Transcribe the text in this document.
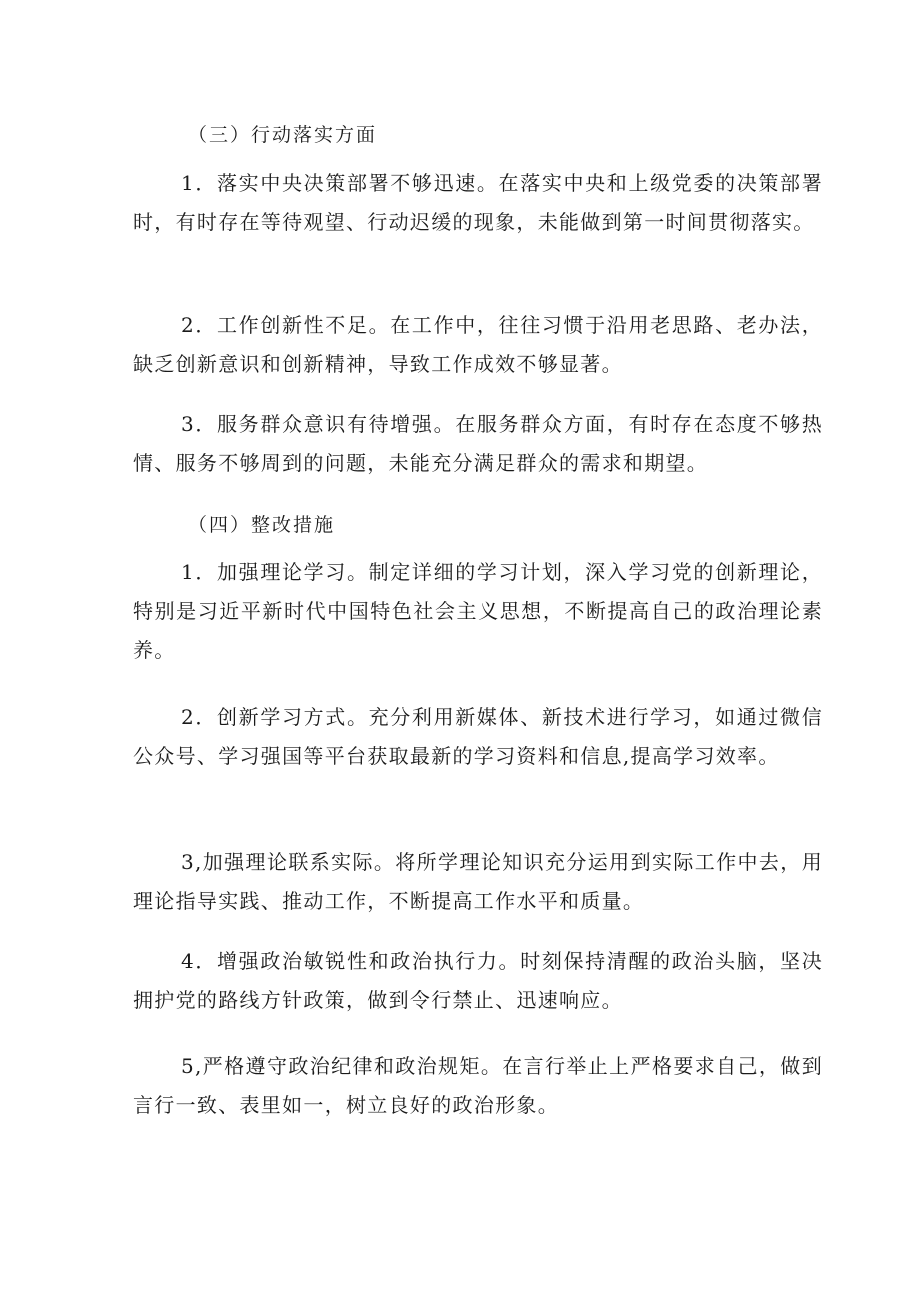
（三）行动落实方面

1．落实中央决策部署不够迅速。在落实中央和上级党委的决策部署时，有时存在等待观望、行动迟缓的现象，未能做到第一时间贯彻落实。

2．工作创新性不足。在工作中，往往习惯于沿用老思路、老办法，缺乏创新意识和创新精神，导致工作成效不够显著。

3．服务群众意识有待增强。在服务群众方面，有时存在态度不够热情、服务不够周到的问题，未能充分满足群众的需求和期望。

（四）整改措施

1．加强理论学习。制定详细的学习计划，深入学习党的创新理论，特别是习近平新时代中国特色社会主义思想，不断提高自己的政治理论素养。

2．创新学习方式。充分利用新媒体、新技术进行学习，如通过微信公众号、学习强国等平台获取最新的学习资料和信息,提高学习效率。

3,加强理论联系实际。将所学理论知识充分运用到实际工作中去，用理论指导实践、推动工作，不断提高工作水平和质量。

4．增强政治敏锐性和政治执行力。时刻保持清醒的政治头脑，坚决拥护党的路线方针政策，做到令行禁止、迅速响应。

5,严格遵守政治纪律和政治规矩。在言行举止上严格要求自己，做到言行一致、表里如一，树立良好的政治形象。
